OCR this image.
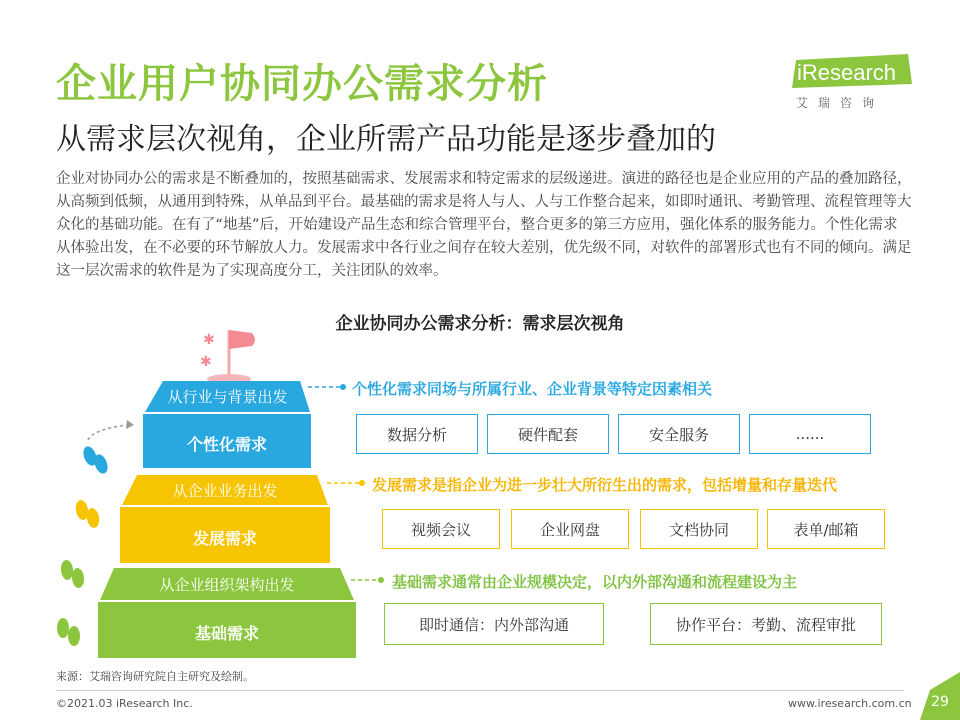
企业用户协同办公需求分析
从需求层次视角，企业所需产品功能是逐步叠加的
企业对协同办公的需求是不断叠加的，按照基础需求、发展需求和特定需求的层级递进。演进的路径也是企业应用的产品的叠加路径，从高频到低频，从通用到特殊，从单品到平台。最基础的需求是将人与人、人与工作整合起来，如即时通讯、考勤管理、流程管理等大众化的基础功能。在有了“地基”后，开始建设产品生态和综合管理平台，整合更多的第三方应用，强化体系的服务能力。个性化需求从体验出发，在不必要的环节解放人力。发展需求中各行业之间存在较大差别，优先级不同，对软件的部署形式也有不同的倾向。满足这一层次需求的软件是为了实现高度分工，关注团队的效率。
iResearch
艾瑞咨询
企业协同办公需求分析：需求层次视角
✱
✱
从行业与背景出发
个性化需求
从企业业务出发
发展需求
从企业组织架构出发
基础需求
个性化需求同场与所属行业、企业背景等特定因素相关
发展需求是指企业为进一步壮大所衍生出的需求，包括增量和存量迭代
基础需求通常由企业规模决定，以内外部沟通和流程建设为主
数据分析	硬件配套	安全服务	......
视频会议	企业网盘	文档协同	表单/邮箱
即时通信：内外部沟通	协作平台：考勤、流程审批
来源：艾瑞咨询研究院自主研究及绘制。
©2021.03 iResearch Inc.	www.iresearch.com.cn	29
